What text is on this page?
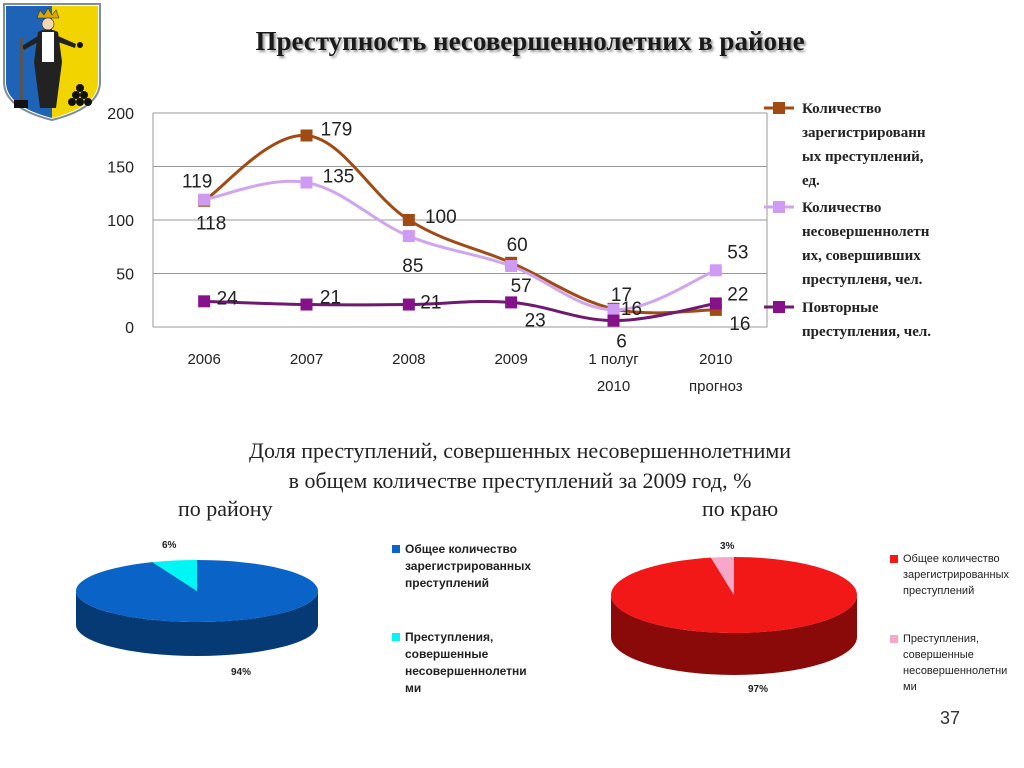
Преступность несовершеннолетних в районе
0
50
100
150
200
2006	2007	2008	2009	1 полуг
2010
2010
прогноз
118
179
100
60
17
16
119	135
85
57
16
53
24	21	21
23
6
22
Количество
зарегистрированн
ых преступлений,
ед.
Количество
несовершеннолетн
их, совершивших
преступленя, чел.
Повторные
преступления, чел.
Доля преступлений, совершенных несовершеннолетними
в общем количестве преступлений за 2009 год, %
по району	по краю
Общее количество
зарегистрированных
преступлений
Преступления,
совершенные
несовершеннолетни
ми
Общее количество
зарегистрированных
преступлений
Преступления,
совершенные
несовершеннолетни
ми
6%
94%
3%
97%
37
